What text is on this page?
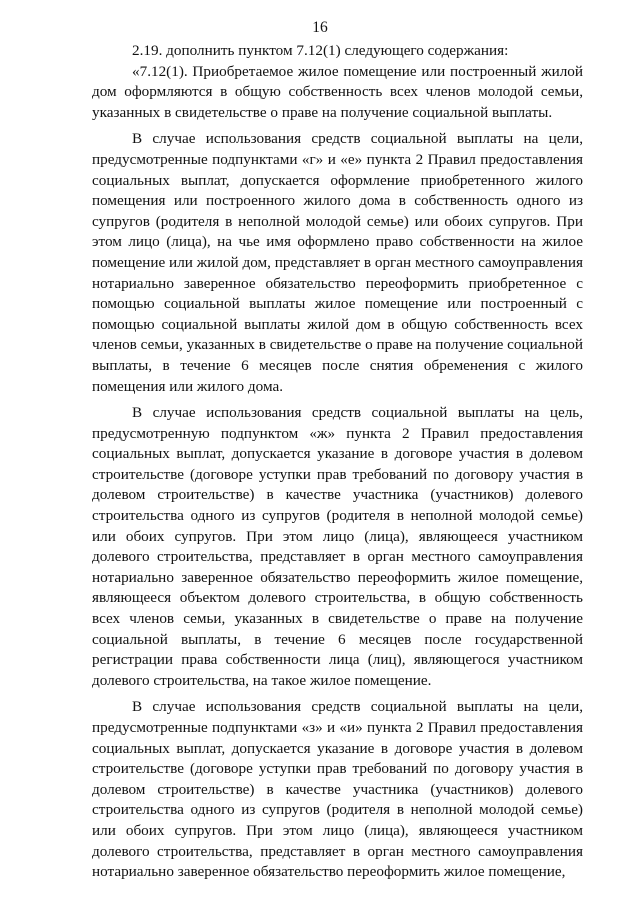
16

2.19. дополнить пунктом 7.12(1) следующего содержания:

«7.12(1). Приобретаемое жилое помещение или построенный жилой дом оформляются в общую собственность всех членов молодой семьи, указанных в свидетельстве о праве на получение социальной выплаты.

В случае использования средств социальной выплаты на цели, предусмотренные подпунктами «г» и «е» пункта 2 Правил предоставления социальных выплат, допускается оформление приобретенного жилого помещения или построенного жилого дома в собственность одного из супругов (родителя в неполной молодой семье) или обоих супругов. При этом лицо (лица), на чье имя оформлено право собственности на жилое помещение или жилой дом, представляет в орган местного самоуправления нотариально заверенное обязательство переоформить приобретенное с помощью социальной выплаты жилое помещение или построенный с помощью социальной выплаты жилой дом в общую собственность всех членов семьи, указанных в свидетельстве о праве на получение социальной выплаты, в течение 6 месяцев после снятия обременения с жилого помещения или жилого дома.

В случае использования средств социальной выплаты на цель, предусмотренную подпунктом «ж» пункта 2 Правил предоставления социальных выплат, допускается указание в договоре участия в долевом строительстве (договоре уступки прав требований по договору участия в долевом строительстве) в качестве участника (участников) долевого строительства одного из супругов (родителя в неполной молодой семье) или обоих супругов. При этом лицо (лица), являющееся участником долевого строительства, представляет в орган местного самоуправления нотариально заверенное обязательство переоформить жилое помещение, являющееся объектом долевого строительства, в общую собственность всех членов семьи, указанных в свидетельстве о праве на получение социальной выплаты, в течение 6 месяцев после государственной регистрации права собственности лица (лиц), являющегося участником долевого строительства, на такое жилое помещение.

В случае использования средств социальной выплаты на цели, предусмотренные подпунктами «з» и «и» пункта 2 Правил предоставления социальных выплат, допускается указание в договоре участия в долевом строительстве (договоре уступки прав требований по договору участия в долевом строительстве) в качестве участника (участников) долевого строительства одного из супругов (родителя в неполной молодой семье) или обоих супругов. При этом лицо (лица), являющееся участником долевого строительства, представляет в орган местного самоуправления нотариально заверенное обязательство переоформить жилое помещение,
